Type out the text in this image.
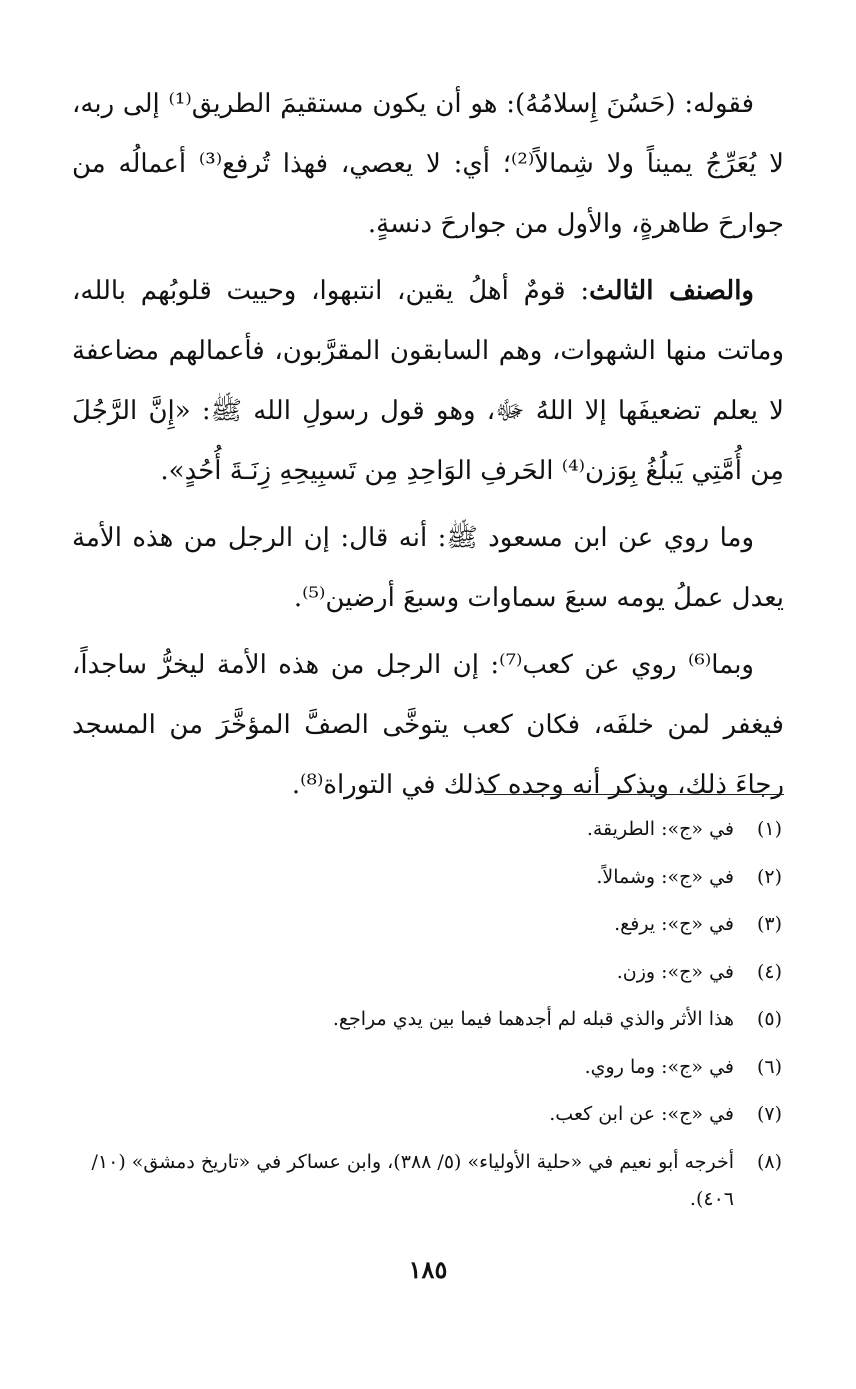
فقوله: (حَسُنَ إِسلامُهُ): هو أن يكون مستقيمَ الطريق⁽¹⁾ إلى ربه، لا يُعَرِّجُ يميناً ولا شِمالاً⁽²⁾؛ أي: لا يعصي، فهذا تُرفع⁽³⁾ أعمالُه من جوارحَ طاهرةٍ، والأول من جوارحَ دنسةٍ.

والصنف الثالث: قومٌ أهلُ يقين، انتبهوا، وحييت قلوبُهم بالله، وماتت منها الشهوات، وهم السابقون المقرَّبون، فأعمالهم مضاعفة لا يعلم تضعيفَها إلا اللهُ ﷻ، وهو قول رسولِ الله ﷺ: «إِنَّ الرَّجُلَ مِن أُمَّتِي يَبلُغُ بِوَزن⁽⁴⁾ الحَرفِ الوَاحِدِ مِن تَسبِيحِهِ زِنَـةَ أُحُدٍ».

وما روي عن ابن مسعود ﷺ: أنه قال: إن الرجل من هذه الأمة يعدل عملُ يومه سبعَ سماوات وسبعَ أرضين⁽⁵⁾.

وبما⁽⁶⁾ روي عن كعب⁽⁷⁾: إن الرجل من هذه الأمة ليخرُّ ساجداً، فيغفر لمن خلفَه، فكان كعب يتوخَّى الصفَّ المؤخَّرَ من المسجد رجاءَ ذلك، ويذكر أنه وجده كذلك في التوراة⁽⁸⁾.

(١)
في «ج»: الطريقة.
(٢)
في «ج»: وشمالاً.
(٣)
في «ج»: يرفع.
(٤)
في «ج»: وزن.
(٥)
هذا الأثر والذي قبله لم أجدهما فيما بين يدي مراجع.
(٦)
في «ج»: وما روي.
(٧)
في «ج»: عن ابن كعب.
(٨)
أخرجه أبو نعيم في «حلية الأولياء» (٥/ ٣٨٨)، وابن عساكر في «تاريخ دمشق» (١٠/ ٤٠٦).
١٨٥
